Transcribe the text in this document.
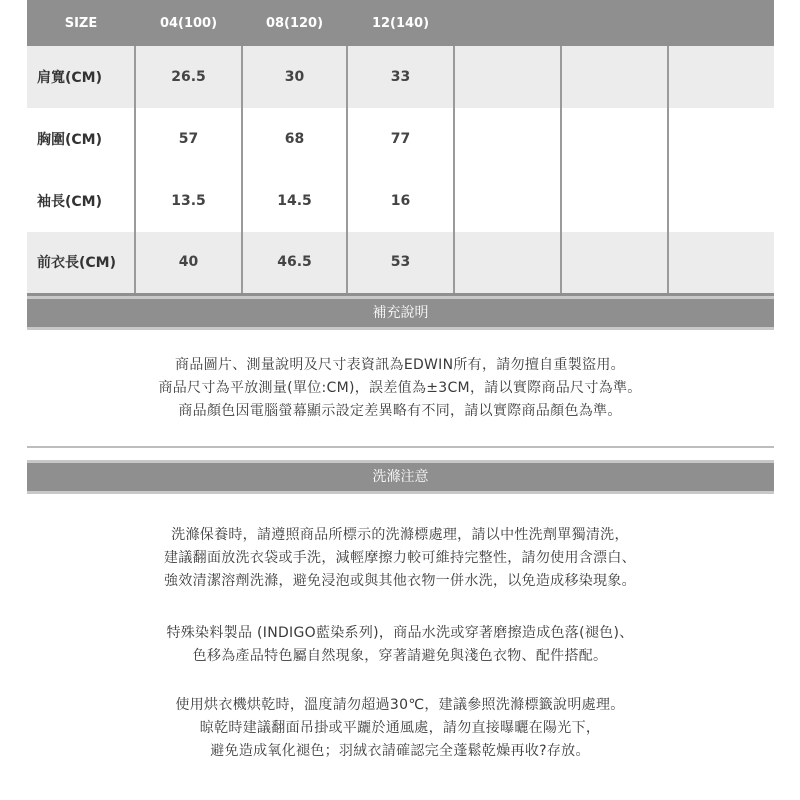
SIZE	04(100)	08(120)	12(140)			
肩寬(CM)	26.5	30	33			
胸圍(CM)	57	68	77			
袖長(CM)	13.5	14.5	16			
前衣長(CM)	40	46.5	53			
補充說明

商品圖片、測量說明及尺寸表資訊為EDWIN所有，請勿擅自重製盜用。

商品尺寸為平放測量(單位:CM)，誤差值為±3CM，請以實際商品尺寸為準。

商品顏色因電腦螢幕顯示設定差異略有不同，請以實際商品顏色為準。

洗滌注意

洗滌保養時，請遵照商品所標示的洗滌標處理，請以中性洗劑單獨清洗，

建議翻面放洗衣袋或手洗，減輕摩擦力較可維持完整性，請勿使用含漂白、

強效清潔溶劑洗滌，避免浸泡或與其他衣物一併水洗，以免造成移染現象。

特殊染料製品 (INDIGO藍染系列)，商品水洗或穿著磨擦造成色落(褪色)、

色移為產品特色屬自然現象，穿著請避免與淺色衣物、配件搭配。

使用烘衣機烘乾時，溫度請勿超過30℃，建議參照洗滌標籤說明處理。

晾乾時建議翻面吊掛或平躧於通風處，請勿直接曝曬在陽光下，

避免造成氧化褪色；羽絨衣請確認完全蓬鬆乾燥再收?存放。
